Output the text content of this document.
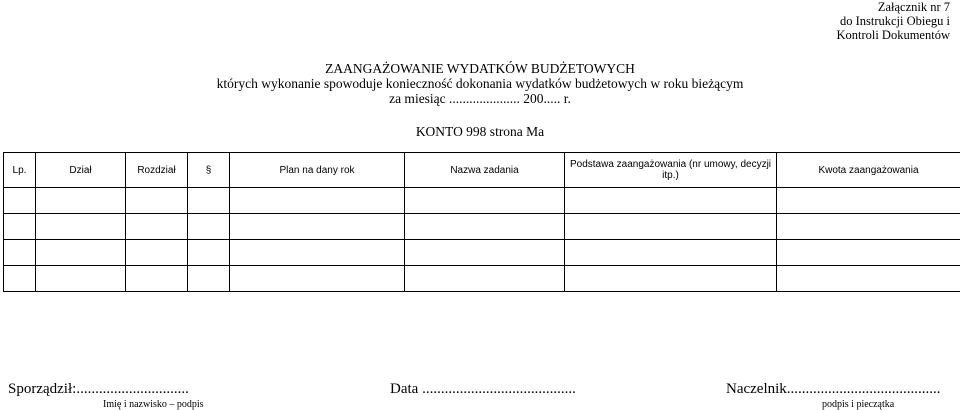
Załącznik nr 7
do Instrukcji Obiegu i
Kontroli Dokumentów
ZAANGAŻOWANIE WYDATKÓW BUDŻETOWYCH
których wykonanie spowoduje konieczność dokonania wydatków budżetowych w roku bieżącym
za miesiąc ..................... 200..... r.
KONTO 998 strona Ma
Lp.	Dział	Rozdział	§	Plan na dany rok	Nazwa zadania	Podstawa zaangażowania (nr umowy, decyzji itp.)	Kwota zaangażowania

Sporządził:..............................
Imię i nazwisko – podpis
Data .........................................	Naczelnik.........................................
podpis i pieczątka
